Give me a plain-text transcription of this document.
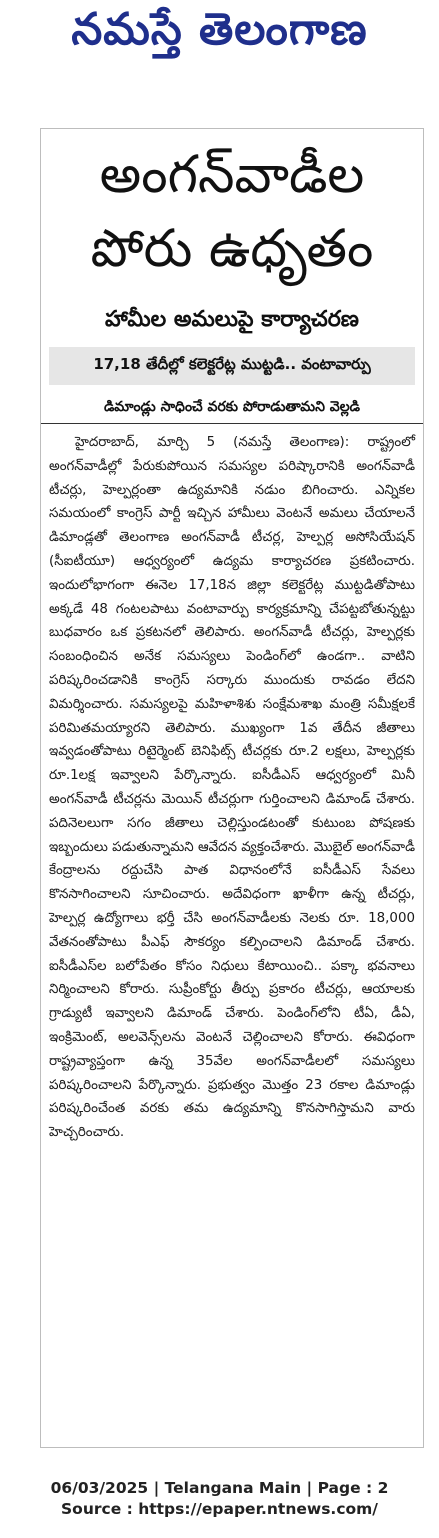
నమస్తే తెలంగాణ
అంగన్‌వాడీల
పోరు ఉధృతం
హామీల అమలుపై కార్యాచరణ
17,18 తేదీల్లో కలెక్టరేట్ల ముట్టడి.. వంటావార్పు
డిమాండ్లు సాధించే వరకు పోరాడుతామని వెల్లడి

హైదరాబాద్, మార్చి 5 (నమస్తే తెలంగాణ): రాష్ట్రంలో అంగన్‌వాడీల్లో పేరుకుపోయిన సమస్యల పరిష్కారానికి అంగన్‌వాడీ టీచర్లు, హెల్పర్లంతా ఉద్యమానికి నడుం బిగించారు. ఎన్నికల సమయంలో కాంగ్రెస్ పార్టీ ఇచ్చిన హామీలు వెంటనే అమలు చేయాలనే డిమాండ్లతో తెలంగాణ అంగన్‌వాడీ టీచర్ల, హెల్పర్ల అసోసియేషన్ (సీఐటీయూ) ఆధ్వర్యంలో ఉద్యమ కార్యాచరణ ప్రకటించారు. ఇందులోభాగంగా ఈనెల 17,18న జిల్లా కలెక్టరేట్ల ముట్టడితోపాటు అక్కడే 48 గంటలపాటు వంటావార్పు కార్యక్రమాన్ని చేపట్టబోతున్నట్టు బుధవారం ఒక ప్రకటనలో తెలిపారు. అంగన్‌వాడీ టీచర్లు, హెల్పర్లకు సంబంధించిన అనేక సమస్యలు పెండింగ్‌లో ఉండగా.. వాటిని పరిష్కరించడానికి కాంగ్రెస్ సర్కారు ముందుకు రావడం లేదని విమర్శించారు. సమస్యలపై మహిళాశిశు సంక్షేమశాఖ మంత్రి సమీక్షలకే పరిమితమయ్యారని తెలిపారు. ముఖ్యంగా 1వ తేదీన జీతాలు ఇవ్వడంతోపాటు రిటైర్మెంట్ బెనిఫిట్స్ టీచర్లకు రూ.2 లక్షలు, హెల్పర్లకు రూ.1లక్ష ఇవ్వాలని పేర్కొన్నారు. ఐసీడీఎస్ ఆధ్వర్యంలో మినీ అంగన్‌వాడీ టీచర్లను మెయిన్ టీచర్లుగా గుర్తించాలని డిమాండ్ చేశారు. పదినెలలుగా సగం జీతాలు చెల్లిస్తుండటంతో కుటుంబ పోషణకు ఇబ్బందులు పడుతున్నామని ఆవేదన వ్యక్తంచేశారు. మొబైల్ అంగన్‌వాడీ కేంద్రాలను రద్దుచేసి పాత విధానంలోనే ఐసీడీఎస్ సేవలు కొనసాగించాలని సూచించారు. అదేవిధంగా ఖాళీగా ఉన్న టీచర్లు, హెల్పర్ల ఉద్యోగాలు భర్తీ చేసి అంగన్‌వాడీలకు నెలకు రూ. 18,000 వేతనంతోపాటు పీఎఫ్ సౌకర్యం కల్పించాలని డిమాండ్ చేశారు. ఐసీడీఎస్‌ల బలోపేతం కోసం నిధులు కేటాయించి.. పక్కా భవనాలు నిర్మించాలని కోరారు. సుప్రీంకోర్టు తీర్పు ప్రకారం టీచర్లు, ఆయాలకు గ్రాడ్యుటీ ఇవ్వాలని డిమాండ్ చేశారు. పెండింగ్‌లోని టీఏ, డీఏ, ఇంక్రిమెంట్, అలవెన్స్‌లను వెంటనే చెల్లించాలని కోరారు. ఈవిధంగా రాష్ట్రవ్యాప్తంగా ఉన్న 35వేల అంగన్‌వాడీలలో సమస్యలు పరిష్కరించాలని పేర్కొన్నారు. ప్రభుత్వం మొత్తం 23 రకాల డిమాండ్లు పరిష్కరించేంత వరకు తమ ఉద్యమాన్ని కొనసాగిస్తామని వారు హెచ్చరించారు.

06/03/2025 | Telangana Main | Page : 2
Source : https://epaper.ntnews.com/
